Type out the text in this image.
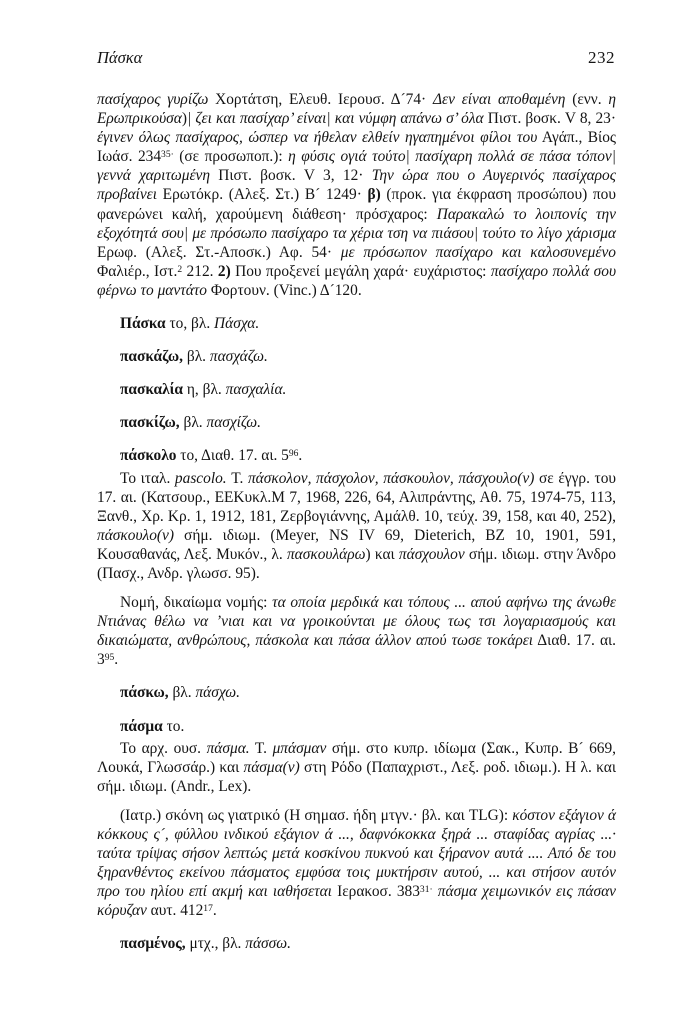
Πάσκα	232

πασίχαρος γυρίζω Χορτάτση, Ελευθ. Ιερουσ. Δ´74· Δεν είναι αποθαμένη (ενν. η Ερωπρικούσα)| ζει και πασίχαρ’ είναι| και νύμφη απάνω σ’ όλα Πιστ. βοσκ. V 8, 23· έγινεν όλως πασίχαρος, ώσπερ να ήθελαν ελθείν ηγαπημένοι φίλοι του Αγάπ., Βίος Ιωάσ. $234^{35\cdot}$ (σε προσωποπ.): η φύσις ογιά τούτο| πασίχαρη πολλά σε πάσα τόπον| γεννά χαριτωμένη Πιστ. βοσκ. V 3, 12· Την ώρα που ο Αυγερινός πασίχαρος προβαίνει Ερωτόκρ. (Αλεξ. Στ.) Β´ 1249· β) (προκ. για έκφραση προσώπου) που φανερώνει καλή, χαρούμενη διάθεση· πρόσχαρος: Παρακαλώ το λοιπονίς την εξοχότητά σου| με πρόσωπο πασίχαρο τα χέρια τση να πιάσου| τούτο το λίγο χάρισμα Ερωφ. (Αλεξ. Στ.-Αποσκ.) Αφ. 54· με πρόσωπον πασίχαρο και καλοσυνεμένο Φαλιέρ., Ιστ.$^2$ 212. 2) Που προξενεί μεγάλη χαρά· ευχάριστος: πασίχαρο πολλά σου φέρνω το μαντάτο Φορτουν. (Vinc.) Δ´120.

Πάσκα το, βλ. Πάσχα.

πασκάζω, βλ. πασχάζω.

πασκαλία η, βλ. πασχαλία.

πασκίζω, βλ. πασχίζω.

πάσκολο το, Διαθ. 17. αι. $5^{96}$.

Το ιταλ. pascolo. Τ. πάσκολον, πάσχολον, πάσκουλον, πάσχουλο(ν) σε έγγρ. του 17. αι. (Κατσουρ., ΕΕΚυκλ.Μ 7, 1968, 226, 64, Αλιπράντης, Αθ. 75, 1974-75, 113, Ξανθ., Χρ. Κρ. 1, 1912, 181, Ζερβογιάννης, Αμάλθ. 10, τεύχ. 39, 158, και 40, 252), πάσκουλο(ν) σήμ. ιδιωμ. (Meyer, NS IV 69, Dieterich, BZ 10, 1901, 591, Κουσαθανάς, Λεξ. Μυκόν., λ. πασκουλάρω) και πάσχουλον σήμ. ιδιωμ. στην Άνδρο (Πασχ., Ανδρ. γλωσσ. 95).

Νομή, δικαίωμα νομής: τα οποία μερδικά και τόπους ... απού αφήνω της άνωθε Ντιάνας θέλω να ’νιαι και να γροικούνται με όλους τως τσι λογαριασμούς και δικαιώματα, ανθρώπους, πάσκολα και πάσα άλλον απού τωσε τοκάρει Διαθ. 17. αι. $3^{95}$.

πάσκω, βλ. πάσχω.

πάσμα το.

Το αρχ. ουσ. πάσμα. Τ. μπάσμαν σήμ. στο κυπρ. ιδίωμα (Σακ., Κυπρ. Β´ 669, Λουκά, Γλωσσάρ.) και πάσμα(ν) στη Ρόδο (Παπαχριστ., Λεξ. ροδ. ιδιωμ.). Η λ. και σήμ. ιδιωμ. (Andr., Lex).

(Ιατρ.) σκόνη ως γιατρικό (Η σημασ. ήδη μτγν.· βλ. και TLG): κόστον εξάγιον ά κόκκους ς´, φύλλου ινδικού εξάγιον ά ..., δαφνόκοκκα ξηρά ... σταφίδας αγρίας ...· ταύτα τρίψας σήσον λεπτώς μετά κοσκίνου πυκνού και ξήρανον αυτά .... Από δε του ξηρανθέντος εκείνου πάσματος εμφύσα τοις μυκτήρσιν αυτού, ... και στήσον αυτόν προ του ηλίου επί ακμή και ιαθήσεται Ιερακοσ. $383^{31\cdot}$ πάσμα χειμωνικόν εις πάσαν κόρυζαν αυτ. $412^{17}$.

πασμένος, μτχ., βλ. πάσσω.
